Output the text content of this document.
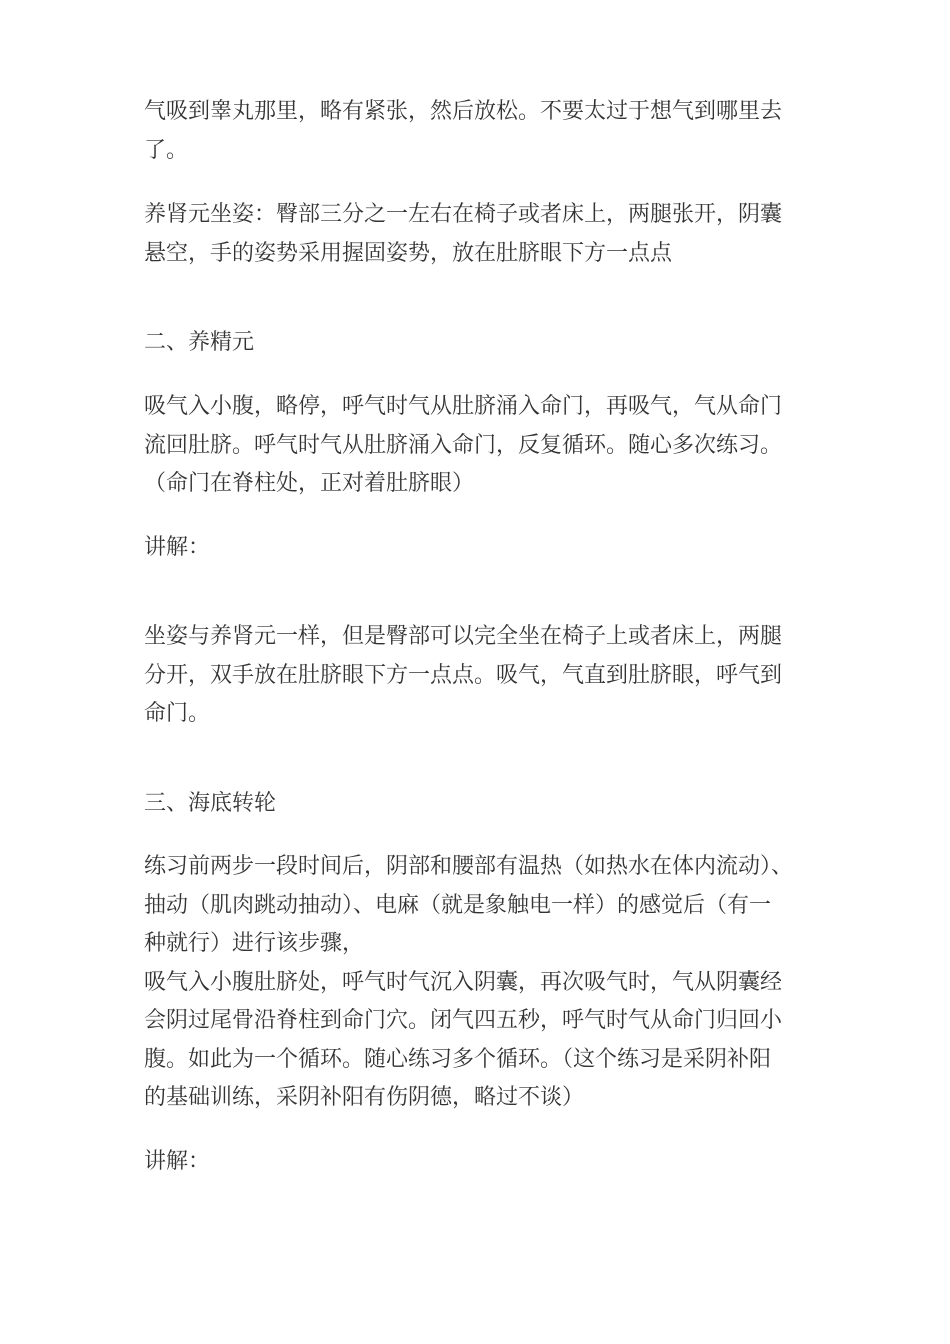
气吸到睾丸那里，略有紧张，然后放松。不要太过于想气到哪里去
了。

养肾元坐姿：臀部三分之一左右在椅子或者床上，两腿张开，阴囊
悬空，手的姿势采用握固姿势，放在肚脐眼下方一点点

二、养精元

吸气入小腹，略停，呼气时气从肚脐涌入命门，再吸气，气从命门
流回肚脐。呼气时气从肚脐涌入命门，反复循环。随心多次练习。
（命门在脊柱处，正对着肚脐眼）

讲解：

坐姿与养肾元一样，但是臀部可以完全坐在椅子上或者床上，两腿
分开，双手放在肚脐眼下方一点点。吸气，气直到肚脐眼，呼气到
命门。

三、海底转轮

练习前两步一段时间后，阴部和腰部有温热（如热水在体内流动）、
抽动（肌肉跳动抽动）、电麻（就是象触电一样）的感觉后（有一
种就行）进行该步骤，
吸气入小腹肚脐处，呼气时气沉入阴囊，再次吸气时，气从阴囊经
会阴过尾骨沿脊柱到命门穴。闭气四五秒，呼气时气从命门归回小
腹。如此为一个循环。随心练习多个循环。（这个练习是采阴补阳
的基础训练，采阴补阳有伤阴德，略过不谈）

讲解：
